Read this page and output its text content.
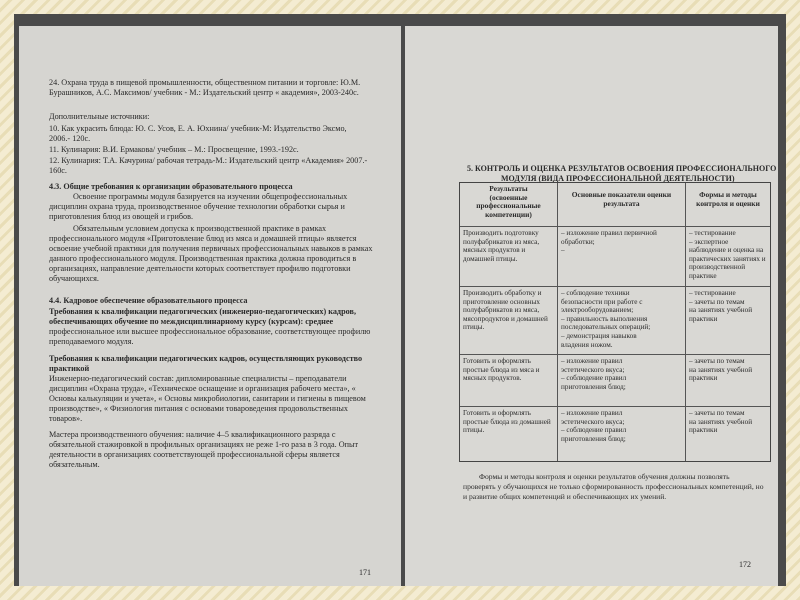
24. Охрана труда в пищевой промышленности, общественном питании и торговле: Ю.М.
Бурашников, А.С. Максимов/ учебник - М.: Издательский центр « академия», 2003-240с.
Дополнительные источники:
10. Как украсить блюда: Ю. С. Усов, Е. А. Юхнина/ учебник-М: Издательство Эксмо,
2006.- 120с.
11. Кулинария: В.И. Ермакова/ учебник – М.: Просвещение, 1993.-192с.
12. Кулинария: Т.А. Качурина/ рабочая тетрадь-М.: Издательский центр «Академия» 2007.-
160с.
4.3. Общие требования к организации образовательного процесса
Освоение программы модуля базируется на изучении общепрофессиональных
дисциплин охрана труда, производственное обучение технологии обработки сырья и
приготовления блюд из овощей и грибов.
Обязательным условием допуска к производственной практике в рамках
профессионального модуля «Приготовление блюд из мяса и домашней птицы» является
освоение учебной практики для получения первичных профессиональных навыков в рамках
данного профессионального модуля. Производственная практика должна проводиться в
организациях, направление деятельности которых соответствует профилю подготовки
обучающихся.
4.4. Кадровое обеспечение образовательного процесса
Требования к квалификации педагогических (инженерно-педагогических) кадров,
обеспечивающих обучение по междисциплинарному курсу (курсам): среднее
профессиональное или высшее профессиональное образование, соответствующее профилю
преподаваемого модуля.
Требования к квалификации педагогических кадров, осуществляющих руководство
практикой
Инженерно-педагогический состав: дипломированные специалисты – преподаватели
дисциплин «Охрана труда», «Техническое оснащение и организация рабочего места», «
Основы калькуляции и учета», « Основы микробиологии, санитарии и гигиены в пищевом
производстве», « Физиология питания с основами товароведения продовольственных
товаров».
Мастера производственного обучения: наличие 4–5 квалификационного разряда с
обязательной стажировкой в профильных организациях не реже 1-го раза в 3 года. Опыт
деятельности в организациях соответствующей профессиональной сферы является
обязательным.
171
5. КОНТРОЛЬ И ОЦЕНКА РЕЗУЛЬТАТОВ ОСВОЕНИЯ ПРОФЕССИОНАЛЬНОГО
МОДУЛЯ (ВИДА ПРОФЕССИОНАЛЬНОЙ ДЕЯТЕЛЬНОСТИ)
Результаты
(освоенные
профессиональные
компетенции)
Основные показатели оценки
результата
Формы и методы
контроля и оценки
Производить подготовку
полуфабрикатов из мяса,
мясных продуктов и
домашней птицы.
– изложение правил первичной
обработки;
–
– тестирование
– экспертное
наблюдение и оценка на
практических занятиях и
производственной
практике
Производить обработку и
приготовление основных
полуфабрикатов из мяса,
мясопродуктов и домашней
птицы.
– соблюдение техники
безопасности при работе с
электрооборудованием;
– правильность выполнения
последовательных операций;
– демонстрация навыков
владения ножом.
– тестирование
– зачеты по темам
на занятиях учебной
практики
Готовить и оформлять
простые блюда из мяса и
мясных продуктов.
– изложение правил
эстетического вкуса;
– соблюдение правил
приготовления блюд;
– зачеты по темам
на занятиях учебной
практики
Готовить и оформлять
простые блюда из домашней
птицы.
– изложение правил
эстетического вкуса;
– соблюдение правил
приготовления блюд;
– зачеты по темам
на занятиях учебной
практики
Формы и методы контроля и оценки результатов обучения должны позволять
проверять у обучающихся не только сформированность профессиональных компетенций, но
и развитие общих компетенций и обеспечивающих их умений.
172
